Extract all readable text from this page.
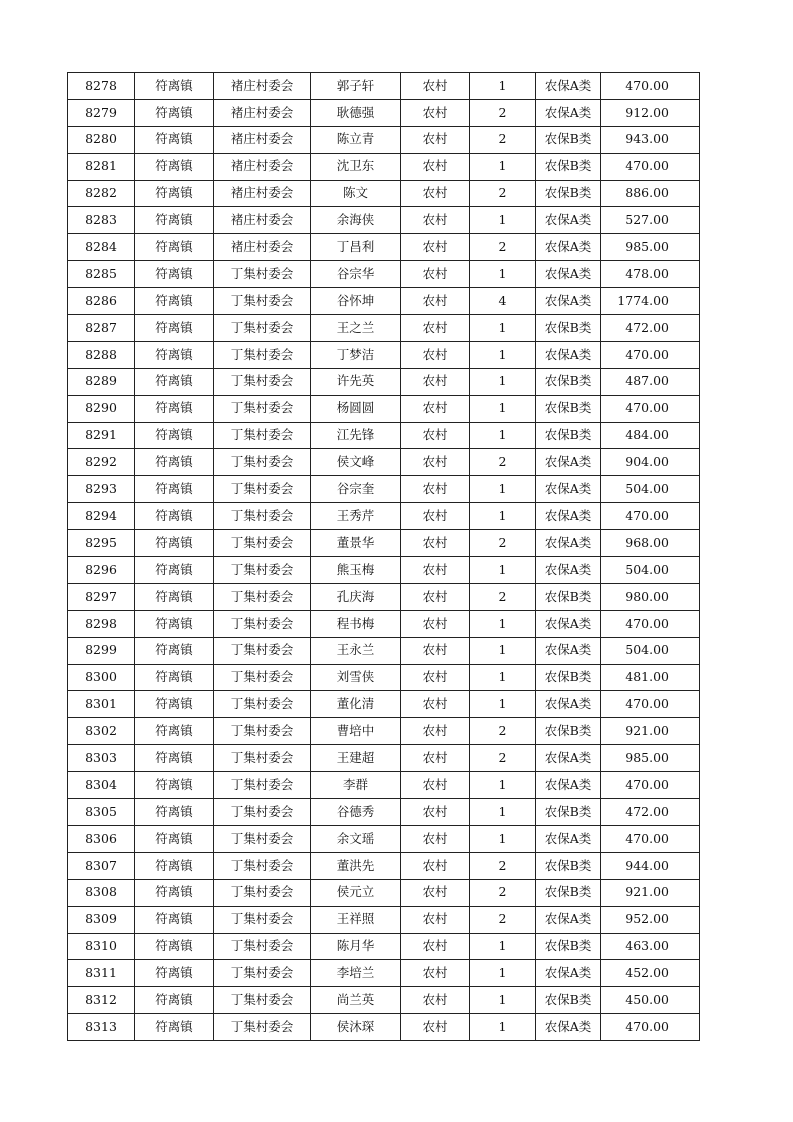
8278	符离镇	褚庄村委会	郭子轩	农村	1	农保A类	470.00
8279	符离镇	褚庄村委会	耿德强	农村	2	农保A类	912.00
8280	符离镇	褚庄村委会	陈立青	农村	2	农保B类	943.00
8281	符离镇	褚庄村委会	沈卫东	农村	1	农保B类	470.00
8282	符离镇	褚庄村委会	陈文	农村	2	农保B类	886.00
8283	符离镇	褚庄村委会	余海侠	农村	1	农保A类	527.00
8284	符离镇	褚庄村委会	丁昌利	农村	2	农保A类	985.00
8285	符离镇	丁集村委会	谷宗华	农村	1	农保A类	478.00
8286	符离镇	丁集村委会	谷怀坤	农村	4	农保A类	1774.00
8287	符离镇	丁集村委会	王之兰	农村	1	农保B类	472.00
8288	符离镇	丁集村委会	丁梦洁	农村	1	农保A类	470.00
8289	符离镇	丁集村委会	许先英	农村	1	农保B类	487.00
8290	符离镇	丁集村委会	杨圆圆	农村	1	农保B类	470.00
8291	符离镇	丁集村委会	江先锋	农村	1	农保B类	484.00
8292	符离镇	丁集村委会	侯文峰	农村	2	农保A类	904.00
8293	符离镇	丁集村委会	谷宗奎	农村	1	农保A类	504.00
8294	符离镇	丁集村委会	王秀芹	农村	1	农保A类	470.00
8295	符离镇	丁集村委会	董景华	农村	2	农保A类	968.00
8296	符离镇	丁集村委会	熊玉梅	农村	1	农保A类	504.00
8297	符离镇	丁集村委会	孔庆海	农村	2	农保B类	980.00
8298	符离镇	丁集村委会	程书梅	农村	1	农保A类	470.00
8299	符离镇	丁集村委会	王永兰	农村	1	农保A类	504.00
8300	符离镇	丁集村委会	刘雪侠	农村	1	农保B类	481.00
8301	符离镇	丁集村委会	董化清	农村	1	农保A类	470.00
8302	符离镇	丁集村委会	曹培中	农村	2	农保B类	921.00
8303	符离镇	丁集村委会	王建超	农村	2	农保A类	985.00
8304	符离镇	丁集村委会	李群	农村	1	农保A类	470.00
8305	符离镇	丁集村委会	谷德秀	农村	1	农保B类	472.00
8306	符离镇	丁集村委会	余文瑶	农村	1	农保A类	470.00
8307	符离镇	丁集村委会	董洪先	农村	2	农保B类	944.00
8308	符离镇	丁集村委会	侯元立	农村	2	农保B类	921.00
8309	符离镇	丁集村委会	王祥照	农村	2	农保A类	952.00
8310	符离镇	丁集村委会	陈月华	农村	1	农保B类	463.00
8311	符离镇	丁集村委会	李培兰	农村	1	农保A类	452.00
8312	符离镇	丁集村委会	尚兰英	农村	1	农保B类	450.00
8313	符离镇	丁集村委会	侯沐琛	农村	1	农保A类	470.00
